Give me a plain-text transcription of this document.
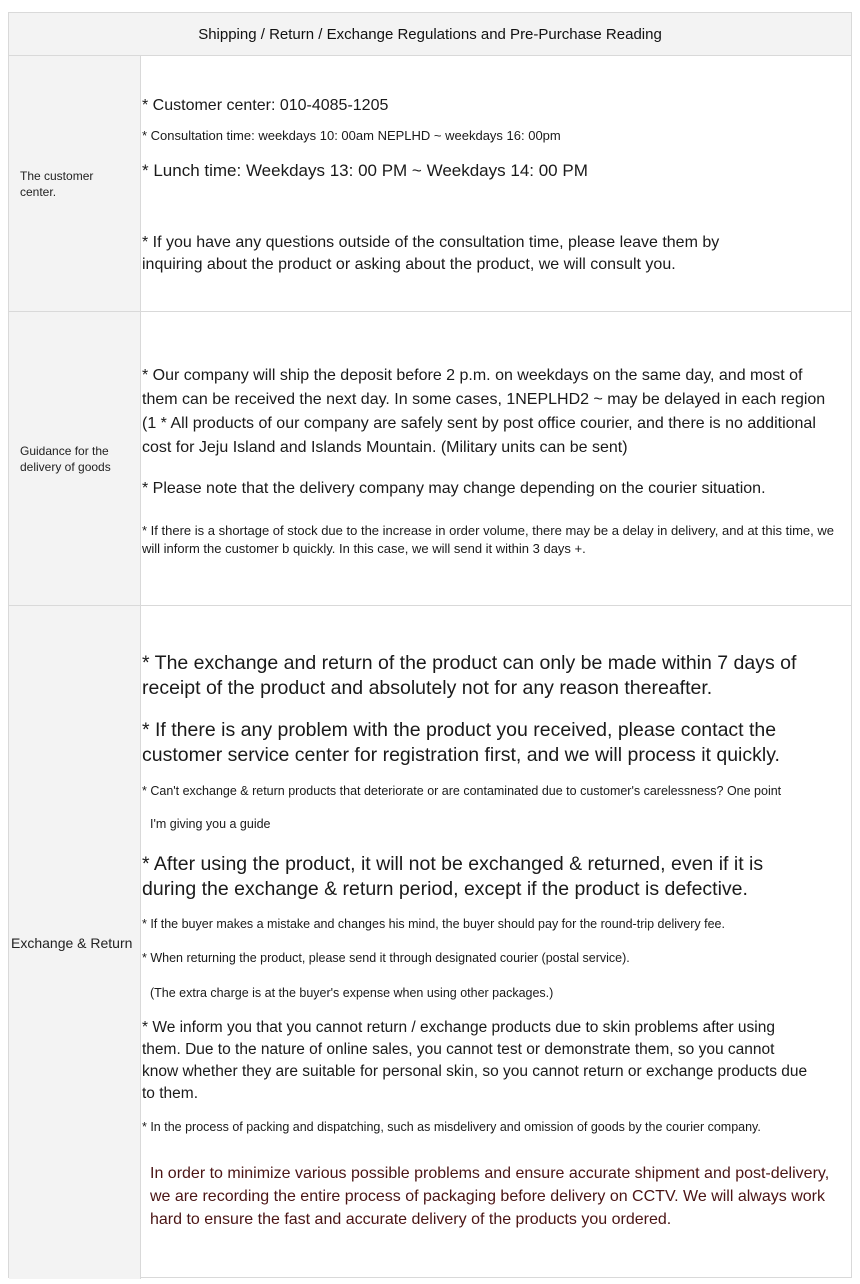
Shipping / Return / Exchange Regulations and Pre-Purchase Reading
The customer center.

* Customer center: 010-4085-1205

* Consultation time: weekdays 10: 00am NEPLHD ~ weekdays 16: 00pm

* Lunch time: Weekdays 13: 00 PM ~ Weekdays 14: 00 PM

* If you have any questions outside of the consultation time, please leave them by inquiring about the product or asking about the product, we will consult you.

Guidance for the delivery of goods

* Our company will ship the deposit before 2 p.m. on weekdays on the same day, and most of them can be received the next day. In some cases, 1NEPLHD2 ~ may be delayed in each region (1 * All products of our company are safely sent by post office courier, and there is no additional cost for Jeju Island and Islands Mountain. (Military units can be sent)

* Please note that the delivery company may change depending on the courier situation.

* If there is a shortage of stock due to the increase in order volume, there may be a delay in delivery, and at this time, we will inform the customer b quickly. In this case, we will send it within 3 days +.

Exchange & Return

* The exchange and return of the product can only be made within 7 days of receipt of the product and absolutely not for any reason thereafter.

* If there is any problem with the product you received, please contact the customer service center for registration first, and we will process it quickly.

* Can't exchange & return products that deteriorate or are contaminated due to customer's carelessness? One point

I'm giving you a guide

* After using the product, it will not be exchanged & returned, even if it is during the exchange & return period, except if the product is defective.

* If the buyer makes a mistake and changes his mind, the buyer should pay for the round-trip delivery fee.

* When returning the product, please send it through designated courier (postal service).

(The extra charge is at the buyer's expense when using other packages.)

* We inform you that you cannot return / exchange products due to skin problems after using them. Due to the nature of online sales, you cannot test or demonstrate them, so you cannot know whether they are suitable for personal skin, so you cannot return or exchange products due to them.

* In the process of packing and dispatching, such as misdelivery and omission of goods by the courier company.

In order to minimize various possible problems and ensure accurate shipment and post-delivery, we are recording the entire process of packaging before delivery on CCTV. We will always work hard to ensure the fast and accurate delivery of the products you ordered.
